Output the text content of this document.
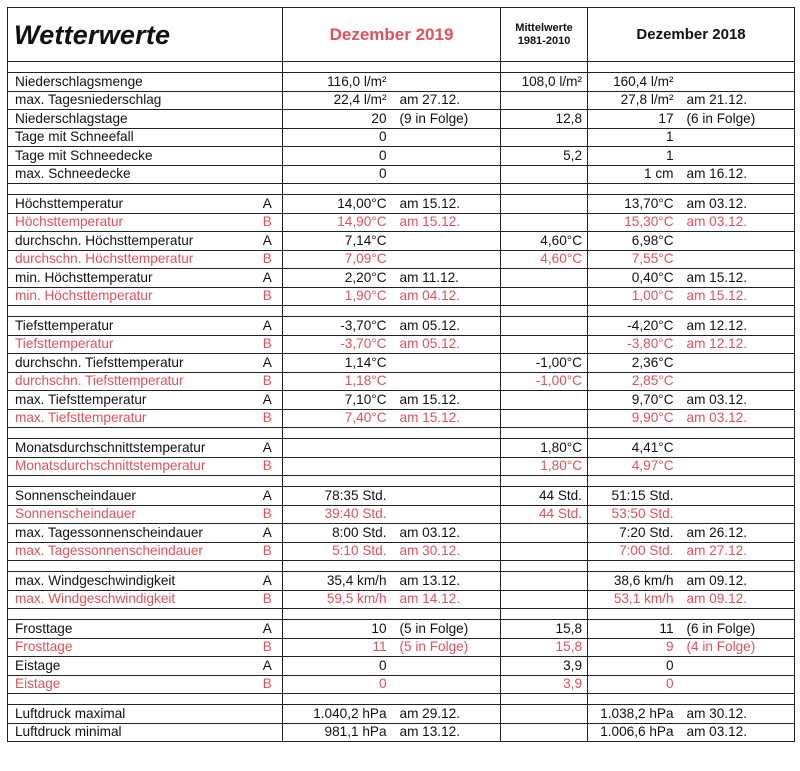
Wetterwerte		Dezember 2019		Mittelwerte
1981-2010	Dezember 2018	

Niederschlagsmenge		116,0 l/m²		108,0 l/m²	160,4 l/m²	
max. Tagesniederschlag		22,4 l/m²	am 27.12.		27,8 l/m²	am 21.12.
Niederschlagstage		20	(9 in Folge)	12,8	17	(6 in Folge)
Tage mit Schneefall		0			1	
Tage mit Schneedecke		0		5,2	1	
max. Schneedecke		0			1 cm	am 16.12.

Höchsttemperatur	A	14,00°C	am 15.12.		13,70°C	am 03.12.
Höchsttemperatur	B	14,90°C	am 15.12.		15,30°C	am 03.12.
durchschn. Höchsttemperatur	A	7,14°C		4,60°C	6,98°C	
durchschn. Höchsttemperatur	B	7,09°C		4,60°C	7,55°C	
min. Höchsttemperatur	A	2,20°C	am 11.12.		0,40°C	am 15.12.
min. Höchsttemperatur	B	1,90°C	am 04.12.		1,00°C	am 15.12.

Tiefsttemperatur	A	-3,70°C	am 05.12.		-4,20°C	am 12.12.
Tiefsttemperatur	B	-3,70°C	am 05.12.		-3,80°C	am 12.12.
durchschn. Tiefsttemperatur	A	1,14°C		-1,00°C	2,36°C	
durchschn. Tiefsttemperatur	B	1,18°C		-1,00°C	2,85°C	
max. Tiefsttemperatur	A	7,10°C	am 15.12.		9,70°C	am 03.12.
max. Tiefsttemperatur	B	7,40°C	am 15.12.		9,90°C	am 03.12.

Monatsdurchschnittstemperatur	A			1,80°C	4,41°C	
Monatsdurchschnittstemperatur	B			1,80°C	4,97°C	

Sonnenscheindauer	A	78:35 Std.		44 Std.	51:15 Std.	
Sonnenscheindauer	B	39:40 Std.		44 Std.	53:50 Std.	
max. Tagessonnenscheindauer	A	8:00 Std.	am 03.12.		7:20 Std.	am 26.12.
max. Tagessonnenscheindauer	B	5:10 Std.	am 30.12.		7:00 Std.	am 27.12.

max. Windgeschwindigkeit	A	35,4 km/h	am 13.12.		38,6 km/h	am 09.12.
max. Windgeschwindigkeit	B	59,5 km/h	am 14.12.		53,1 km/h	am 09.12.

Frosttage	A	10	(5 in Folge)	15,8	11	(6 in Folge)
Frosttage	B	11	(5 in Folge)	15,8	9	(4 in Folge)
Eistage	A	0		3,9	0	
Eistage	B	0		3,9	0	

Luftdruck maximal		1.040,2 hPa	am 29.12.		1.038,2 hPa	am 30.12.
Luftdruck minimal		981,1 hPa	am 13.12.		1.006,6 hPa	am 03.12.
